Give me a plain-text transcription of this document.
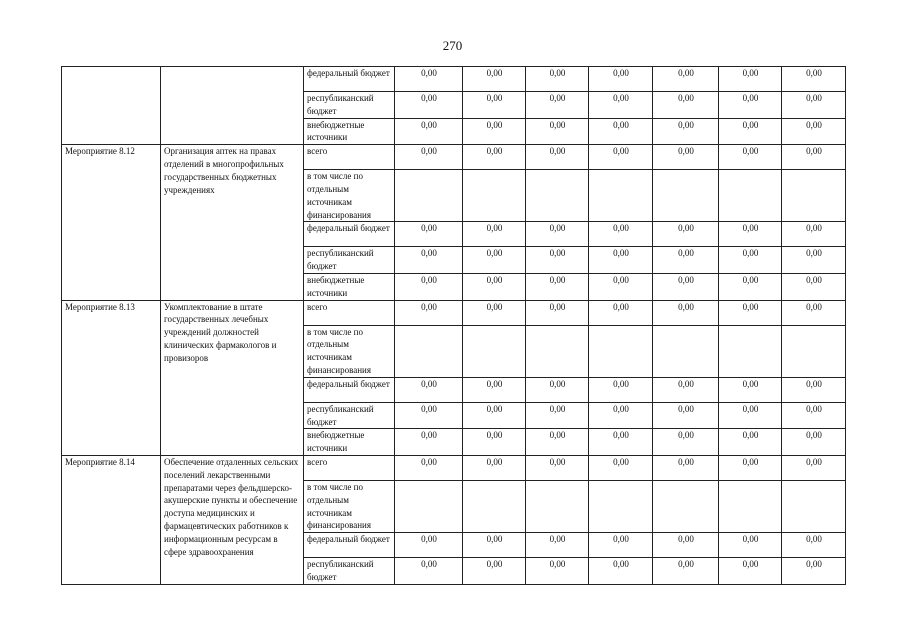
270
		федеральный бюджет	0,00	0,00	0,00	0,00	0,00	0,00	0,00
		республиканский бюджет	0,00	0,00	0,00	0,00	0,00	0,00	0,00
		внебюджетные источники	0,00	0,00	0,00	0,00	0,00	0,00	0,00
Мероприятие 8.12	Организация аптек на правах отделений в многопрофильных государственных бюджетных учреждениях	всего	0,00	0,00	0,00	0,00	0,00	0,00	0,00
		в том числе по отдельным источникам финансирования							
		федеральный бюджет	0,00	0,00	0,00	0,00	0,00	0,00	0,00
		республиканский бюджет	0,00	0,00	0,00	0,00	0,00	0,00	0,00
		внебюджетные источники	0,00	0,00	0,00	0,00	0,00	0,00	0,00
Мероприятие 8.13	Укомплектование в штате государственных лечебных учреждений должностей клинических фармакологов и провизоров	всего	0,00	0,00	0,00	0,00	0,00	0,00	0,00
		в том числе по отдельным источникам финансирования							
		федеральный бюджет	0,00	0,00	0,00	0,00	0,00	0,00	0,00
		республиканский бюджет	0,00	0,00	0,00	0,00	0,00	0,00	0,00
		внебюджетные источники	0,00	0,00	0,00	0,00	0,00	0,00	0,00
Мероприятие 8.14	Обеспечение отдаленных сельских поселений лекарственными препаратами через фельдшерско-акушерские пункты и обеспечение доступа медицинских и фармацевтических работников к информационным ресурсам в сфере здравоохранения	всего	0,00	0,00	0,00	0,00	0,00	0,00	0,00
		в том числе по отдельным источникам финансирования							
		федеральный бюджет	0,00	0,00	0,00	0,00	0,00	0,00	0,00
		республиканский бюджет	0,00	0,00	0,00	0,00	0,00	0,00	0,00
